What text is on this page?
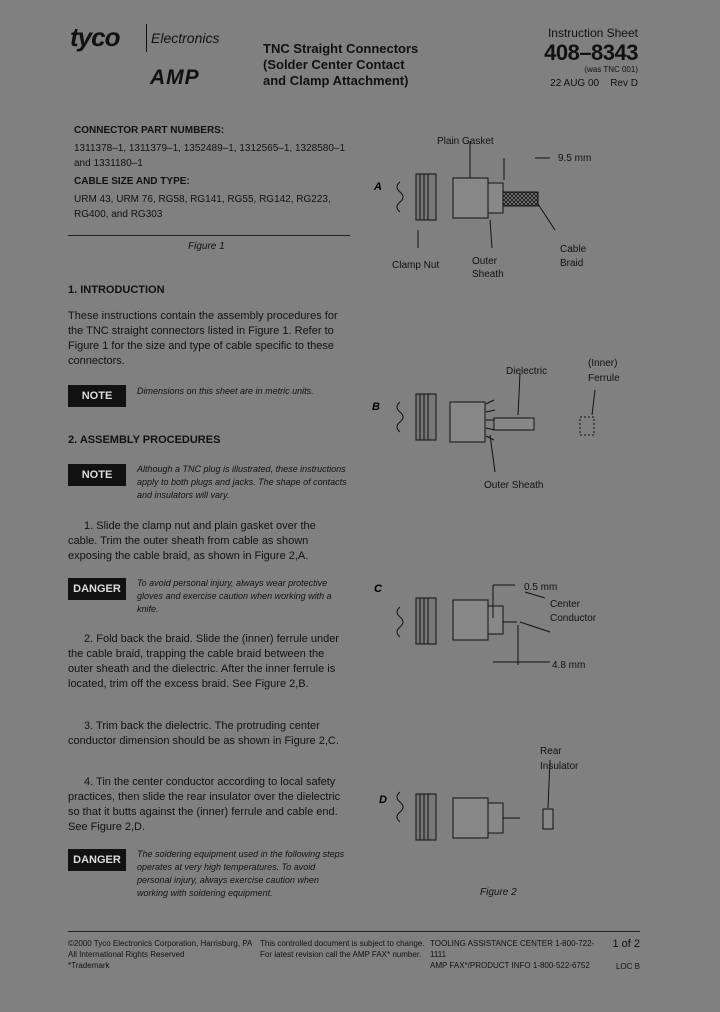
tyco Electronics
AMP
TNC Straight Connectors
(Solder Center Contact
and Clamp Attachment)
Instruction Sheet
408–8343
(was TNC 001)
22 AUG 00    Rev D

CONNECTOR PART NUMBERS:

1311378–1, 1311379–1, 1352489–1, 1312565–1, 1328580–1 and 1331180–1

CABLE SIZE AND TYPE:

URM 43, URM 76, RG58, RG141, RG55, RG142, RG223, RG400, and RG303

Figure 1
1. INTRODUCTION
These instructions contain the assembly procedures for the TNC straight connectors listed in Figure 1. Refer to Figure 1 for the size and type of cable specific to these connectors.
NOTE	Dimensions on this sheet are in metric units.
2. ASSEMBLY PROCEDURES
NOTE	Although a TNC plug is illustrated, these instructions apply to both plugs and jacks. The shape of contacts and insulators will vary.
1. Slide the clamp nut and plain gasket over the cable. Trim the outer sheath from cable as shown exposing the cable braid, as shown in Figure 2,A.
DANGER	To avoid personal injury, always wear protective gloves and exercise caution when working with a knife.
2. Fold back the braid. Slide the (inner) ferrule under the cable braid, trapping the cable braid between the outer sheath and the dielectric. After the inner ferrule is located, trim off the excess braid. See Figure 2,B.
3. Trim back the dielectric. The protruding center conductor dimension should be as shown in Figure 2,C.
4. Tin the center conductor according to local safety practices, then slide the rear insulator over the dielectric so that it butts against the (inner) ferrule and cable end. See Figure 2,D.
DANGER	The soldering equipment used in the following steps operates at very high temperatures. To avoid personal injury, always exercise caution when working with soldering equipment.
A
B
C
D
Plain Gasket
9.5 mm
Clamp Nut	Outer
Sheath
Cable
Braid
Dielectric
(Inner)
Ferrule
Outer Sheath
0.5 mm
Center
Conductor
4.8 mm
Rear
Insulator
Figure 2
©2000 Tyco Electronics Corporation, Harrisburg, PA
All International Rights Reserved
*Trademark
This controlled document is subject to change.
For latest revision call the AMP FAX* number.
TOOLING ASSISTANCE CENTER 1-800-722-1111
AMP FAX*/PRODUCT INFO 1-800-522-6752
1 of 2
LOC B
